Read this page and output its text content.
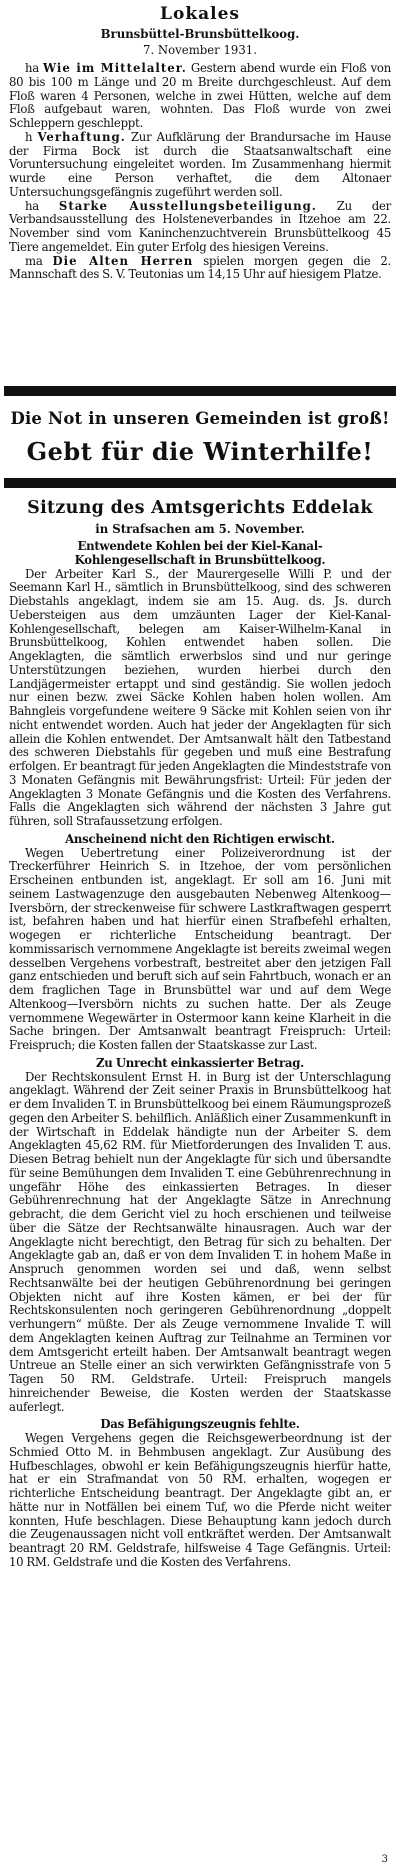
Lokales
Brunsbüttel-Brunsbüttelkoog.
7. November 1931.

ha Wie im Mittelalter. Gestern abend wurde ein Floß von 80 bis 100 m Länge und 20 m Breite durchgeschleust. Auf dem Floß waren 4 Personen, welche in zwei Hütten, welche auf dem Floß aufgebaut waren, wohnten. Das Floß wurde von zwei Schleppern geschleppt.

h Verhaftung. Zur Aufklärung der Brandursache im Hause der Firma Bock ist durch die Staatsanwaltschaft eine Voruntersuchung eingeleitet worden. Im Zusammenhang hiermit wurde eine Person verhaftet, die dem Altonaer Untersuchungsgefängnis zugeführt werden soll.

ha Starke Ausstellungsbeteiligung. Zu der Verbandsausstellung des Holsteneverbandes in Itzehoe am 22. November sind vom Kaninchenzuchtverein Brunsbüttelkoog 45 Tiere angemeldet. Ein guter Erfolg des hiesigen Vereins.

ma Die Alten Herren spielen morgen gegen die 2. Mannschaft des S. V. Teutonias um 14,15 Uhr auf hiesigem Platze.

Die Not in unseren Gemeinden ist groß!
Gebt für die Winterhilfe!
Sitzung des Amtsgerichts Eddelak
in Strafsachen am 5. November.

Entwendete Kohlen bei der Kiel-Kanal-Kohlengesellschaft in Brunsbüttelkoog.

Der Arbeiter Karl S., der Maurergeselle Willi P. und der Seemann Karl H., sämtlich in Brunsbüttelkoog, sind des schweren Diebstahls angeklagt, indem sie am 15. Aug. ds. Js. durch Uebersteigen aus dem umzäunten Lager der Kiel-Kanal-Kohlengesellschaft, belegen am Kaiser-Wilhelm-Kanal in Brunsbüttelkoog, Kohlen entwendet haben sollen. Die Angeklagten, die sämtlich erwerbslos sind und nur geringe Unterstützungen beziehen, wurden hierbei durch den Landjägermeister ertappt und sind geständig. Sie wollen jedoch nur einen bezw. zwei Säcke Kohlen haben holen wollen. Am Bahngleis vorgefundene weitere 9 Säcke mit Kohlen seien von ihr nicht entwendet worden. Auch hat jeder der Angeklagten für sich allein die Kohlen entwendet. Der Amtsanwalt hält den Tatbestand des schweren Diebstahls für gegeben und muß eine Bestrafung erfolgen. Er beantragt für jeden Angeklagten die Mindeststrafe von 3 Monaten Gefängnis mit Bewährungsfrist: Urteil: Für jeden der Angeklagten 3 Monate Gefängnis und die Kosten des Verfahrens. Falls die Angeklagten sich während der nächsten 3 Jahre gut führen, soll Strafaussetzung erfolgen.

Anscheinend nicht den Richtigen erwischt.

Wegen Uebertretung einer Polizeiverordnung ist der Treckerführer Heinrich S. in Itzehoe, der vom persönlichen Erscheinen entbunden ist, angeklagt. Er soll am 16. Juni mit seinem Lastwagenzuge den ausgebauten Nebenweg Altenkoog—Iversbörn, der streckenweise für schwere Lastkraftwagen gesperrt ist, befahren haben und hat hierfür einen Strafbefehl erhalten, wogegen er richterliche Entscheidung beantragt. Der kommissarisch vernommene Angeklagte ist bereits zweimal wegen desselben Vergehens vorbestraft, bestreitet aber den jetzigen Fall ganz entschieden und beruft sich auf sein Fahrtbuch, wonach er an dem fraglichen Tage in Brunsbüttel war und auf dem Wege Altenkoog—Iversbörn nichts zu suchen hatte. Der als Zeuge vernommene Wegewärter in Ostermoor kann keine Klarheit in die Sache bringen. Der Amtsanwalt beantragt Freispruch: Urteil: Freispruch; die Kosten fallen der Staatskasse zur Last.

Zu Unrecht einkassierter Betrag.

Der Rechtskonsulent Ernst H. in Burg ist der Unterschlagung angeklagt. Während der Zeit seiner Praxis in Brunsbüttelkoog hat er dem Invaliden T. in Brunsbüttelkoog bei einem Räumungsprozeß gegen den Arbeiter S. behilflich. Anläßlich einer Zusammenkunft in der Wirtschaft in Eddelak händigte nun der Arbeiter S. dem Angeklagten 45,62 RM. für Mietforderungen des Invaliden T. aus. Diesen Betrag behielt nun der Angeklagte für sich und übersandte für seine Bemühungen dem Invaliden T. eine Gebührenrechnung in ungefähr Höhe des einkassierten Betrages. In dieser Gebührenrechnung hat der Angeklagte Sätze in Anrechnung gebracht, die dem Gericht viel zu hoch erschienen und teilweise über die Sätze der Rechtsanwälte hinausragen. Auch war der Angeklagte nicht berechtigt, den Betrag für sich zu behalten. Der Angeklagte gab an, daß er von dem Invaliden T. in hohem Maße in Anspruch genommen worden sei und daß, wenn selbst Rechtsanwälte bei der heutigen Gebührenordnung bei geringen Objekten nicht auf ihre Kosten kämen, er bei der für Rechtskonsulenten noch geringeren Gebührenordnung „doppelt verhungern“ müßte. Der als Zeuge vernommene Invalide T. will dem Angeklagten keinen Auftrag zur Teilnahme an Terminen vor dem Amtsgericht erteilt haben. Der Amtsanwalt beantragt wegen Untreue an Stelle einer an sich verwirkten Gefängnisstrafe von 5 Tagen 50 RM. Geldstrafe. Urteil: Freispruch mangels hinreichender Beweise, die Kosten werden der Staatskasse auferlegt.

Das Befähigungszeugnis fehlte.

Wegen Vergehens gegen die Reichsgewerbeordnung ist der Schmied Otto M. in Behmbusen angeklagt. Zur Ausübung des Hufbeschlages, obwohl er kein Befähigungszeugnis hierfür hatte, hat er ein Strafmandat von 50 RM. erhalten, wogegen er richterliche Entscheidung beantragt. Der Angeklagte gibt an, er hätte nur in Notfällen bei einem Tuf, wo die Pferde nicht weiter konnten, Hufe beschlagen. Diese Behauptung kann jedoch durch die Zeugenaussagen nicht voll entkräftet werden. Der Amtsanwalt beantragt 20 RM. Geldstrafe, hilfsweise 4 Tage Gefängnis. Urteil: 10 RM. Geldstrafe und die Kosten des Verfahrens.

3
